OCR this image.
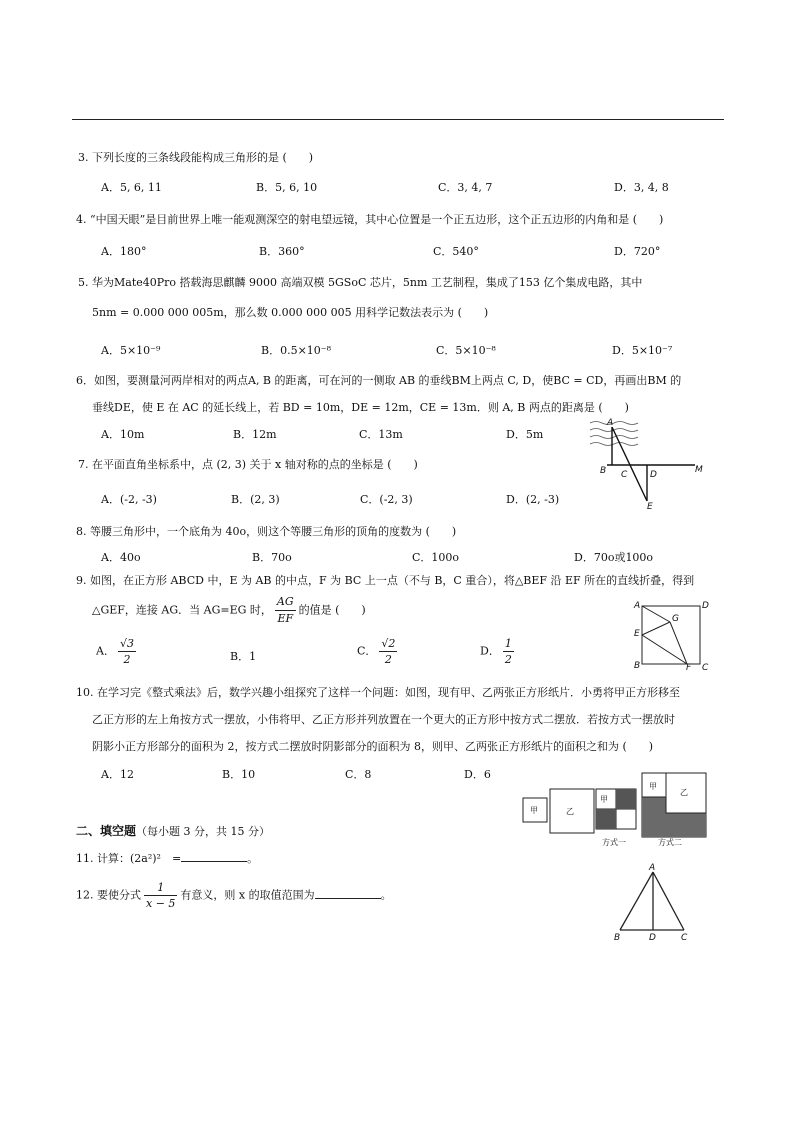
3. 下列长度的三条线段能构成三角形的是 (　　)
A．5, 6, 11	B．5, 6, 10	C．3, 4, 7	D．3, 4, 8
4. “中国天眼”是目前世界上唯一能观测深空的射电望远镜，其中心位置是一个正五边形，这个正五边形的内角和是 (　　)
A．180°	B．360°	C．540°	D．720°
5. 华为Mate40Pro 搭载海思麒麟 9000 高端双模 5GSoC 芯片，5nm 工艺制程，集成了153 亿个集成电路，其中
5nm = 0.000 000 005m，那么数 0.000 000 005 用科学记数法表示为 (　　)
A．5×10⁻⁹	B．0.5×10⁻⁸	C．5×10⁻⁸	D．5×10⁻⁷
6．如图，要测量河两岸相对的两点A, B 的距离，可在河的一侧取 AB 的垂线BM上两点 C, D，使BC = CD，再画出BM 的
垂线DE，使 E 在 AC 的延长线上，若 BD = 10m，DE = 12m，CE = 13m．则 A, B 两点的距离是 (　　)
A．10m	B．12m	C．13m	D．5m
A
B C	D	M
E
7. 在平面直角坐标系中，点 (2, 3) 关于 x 轴对称的点的坐标是 (　　)
A．(-2, -3)	B．(2, 3)	C．(-2, 3)	D．(2, -3)
8. 等腰三角形中，一个底角为 40o，则这个等腰三角形的顶角的度数为 (　　)
A．40o	B．70o	C．100o	D．70o或100o
9. 如图，在正方形 ABCD 中，E 为 AB 的中点，F 为 BC 上一点（不与 B，C 重合），将△BEF 沿 EF 所在的直线折叠，得到
△GEF，连接 AG．当 AG=EG 时， $\frac{AG}{EF}$ 的值是 (　　)
A． $\frac{√3}{2}$	B．1	C． $\frac{√2}{2}$	D． $\frac{1}{2}$
A	D
G
E
B	F C
10. 在学习完《整式乘法》后，数学兴趣小组探究了这样一个问题：如图，现有甲、乙两张正方形纸片．小勇将甲正方形移至
乙正方形的左上角按方式一摆放，小伟将甲、乙正方形并列放置在一个更大的正方形中按方式二摆放．若按方式一摆放时
阴影小正方形部分的面积为 2，按方式二摆放时阴影部分的面积为 8，则甲、乙两张正方形纸片的面积之和为 (　　)
A．12	B．10	C．8	D．6
甲	乙
甲
甲
乙
方式一	方式二
二、填空题（每小题 3 分，共 15 分）
11. 计算：(2a²)²　=	。
12. 要使分式 $\frac{1}{x - 5}$ 有意义，则 x 的取值范围为	。
A
B	D	C
